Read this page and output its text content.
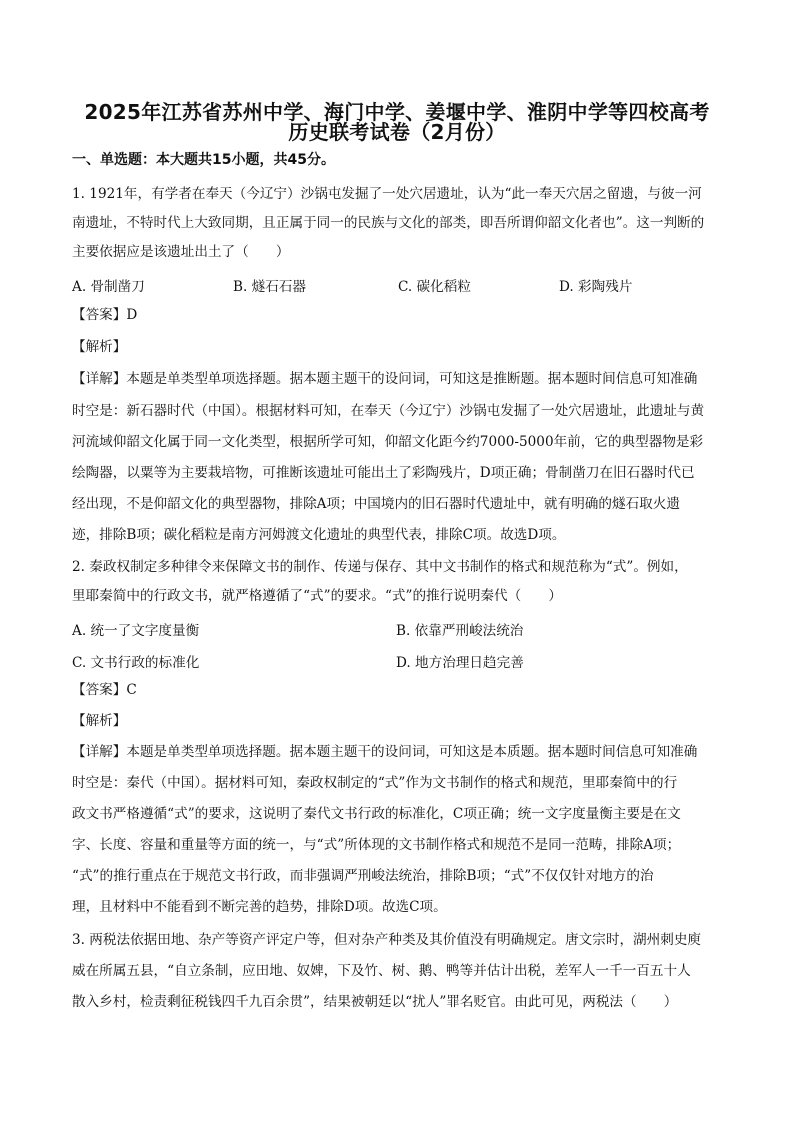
2025年江苏省苏州中学、海门中学、姜堰中学、淮阴中学等四校高考
历史联考试卷（2月份）
一、单选题：本大题共15小题，共45分。
1. 1921年，有学者在奉天（今辽宁）沙锅屯发掘了一处穴居遗址，认为“此一奉天穴居之留遗，与彼一河
南遗址，不特时代上大致同期，且正属于同一的民族与文化的部类，即吾所谓仰韶文化者也”。这一判断的
主要依据应是该遗址出土了（　　）
A. 骨制凿刀	B. 燧石石器	C. 碳化稻粒	D. 彩陶残片
【答案】D
【解析】
【详解】本题是单类型单项选择题。据本题主题干的设问词，可知这是推断题。据本题时间信息可知准确
时空是：新石器时代（中国）。根据材料可知，在奉天（今辽宁）沙锅屯发掘了一处穴居遗址，此遗址与黄
河流域仰韶文化属于同一文化类型，根据所学可知，仰韶文化距今约7000-5000年前，它的典型器物是彩
绘陶器，以粟等为主要栽培物，可推断该遗址可能出土了彩陶残片，D项正确；骨制凿刀在旧石器时代已
经出现，不是仰韶文化的典型器物，排除A项；中国境内的旧石器时代遗址中，就有明确的燧石取火遗
迹，排除B项；碳化稻粒是南方河姆渡文化遗址的典型代表，排除C项。故选D项。
2. 秦政权制定多种律令来保障文书的制作、传递与保存、其中文书制作的格式和规范称为“式”。例如，
里耶秦简中的行政文书，就严格遵循了“式”的要求。“式”的推行说明秦代（　　）
A. 统一了文字度量衡	B. 依靠严刑峻法统治
C. 文书行政的标准化	D. 地方治理日趋完善
【答案】C
【解析】
【详解】本题是单类型单项选择题。据本题主题干的设问词，可知这是本质题。据本题时间信息可知准确
时空是：秦代（中国）。据材料可知，秦政权制定的“式”作为文书制作的格式和规范，里耶秦简中的行
政文书严格遵循“式”的要求，这说明了秦代文书行政的标准化，C项正确；统一文字度量衡主要是在文
字、长度、容量和重量等方面的统一，与“式”所体现的文书制作格式和规范不是同一范畴，排除A项；
“式”的推行重点在于规范文书行政，而非强调严刑峻法统治，排除B项；“式”不仅仅针对地方的治
理，且材料中不能看到不断完善的趋势，排除D项。故选C项。
3. 两税法依据田地、杂产等资产评定户等，但对杂产种类及其价值没有明确规定。唐文宗时，湖州刺史庾
威在所属五县，“自立条制，应田地、奴婢，下及竹、树、鹅、鸭等并估计出税，差军人一千一百五十人
散入乡村，检责剩征税钱四千九百余贯”，结果被朝廷以“扰人”罪名贬官。由此可见，两税法（　　）
